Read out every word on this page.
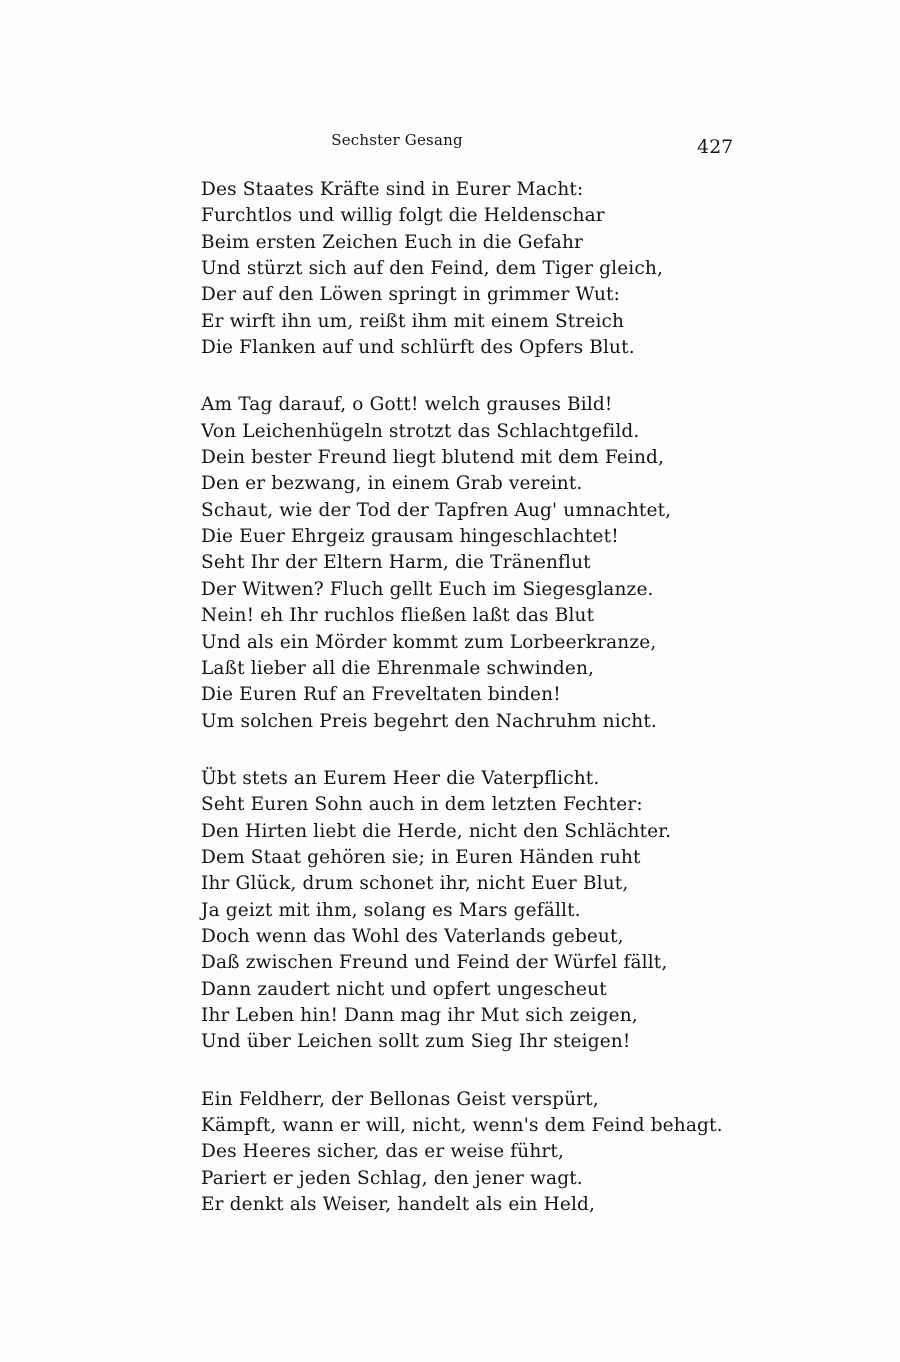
Sechster Gesang	427
Des Staates Kräfte sind in Eurer Macht:
Furchtlos und willig folgt die Heldenschar
Beim ersten Zeichen Euch in die Gefahr
Und stürzt sich auf den Feind, dem Tiger gleich,
Der auf den Löwen springt in grimmer Wut:
Er wirft ihn um, reißt ihm mit einem Streich
Die Flanken auf und schlürft des Opfers Blut.
Am Tag darauf, o Gott! welch grauses Bild!
Von Leichenhügeln strotzt das Schlachtgefild.
Dein bester Freund liegt blutend mit dem Feind,
Den er bezwang, in einem Grab vereint.
Schaut, wie der Tod der Tapfren Aug' umnachtet,
Die Euer Ehrgeiz grausam hingeschlachtet!
Seht Ihr der Eltern Harm, die Tränenflut
Der Witwen? Fluch gellt Euch im Siegesglanze.
Nein! eh Ihr ruchlos fließen laßt das Blut
Und als ein Mörder kommt zum Lorbeerkranze,
Laßt lieber all die Ehrenmale schwinden,
Die Euren Ruf an Freveltaten binden!
Um solchen Preis begehrt den Nachruhm nicht.
Übt stets an Eurem Heer die Vaterpflicht.
Seht Euren Sohn auch in dem letzten Fechter:
Den Hirten liebt die Herde, nicht den Schlächter.
Dem Staat gehören sie; in Euren Händen ruht
Ihr Glück, drum schonet ihr, nicht Euer Blut,
Ja geizt mit ihm, solang es Mars gefällt.
Doch wenn das Wohl des Vaterlands gebeut,
Daß zwischen Freund und Feind der Würfel fällt,
Dann zaudert nicht und opfert ungescheut
Ihr Leben hin! Dann mag ihr Mut sich zeigen,
Und über Leichen sollt zum Sieg Ihr steigen!
Ein Feldherr, der Bellonas Geist verspürt,
Kämpft, wann er will, nicht, wenn's dem Feind behagt.
Des Heeres sicher, das er weise führt,
Pariert er jeden Schlag, den jener wagt.
Er denkt als Weiser, handelt als ein Held,
